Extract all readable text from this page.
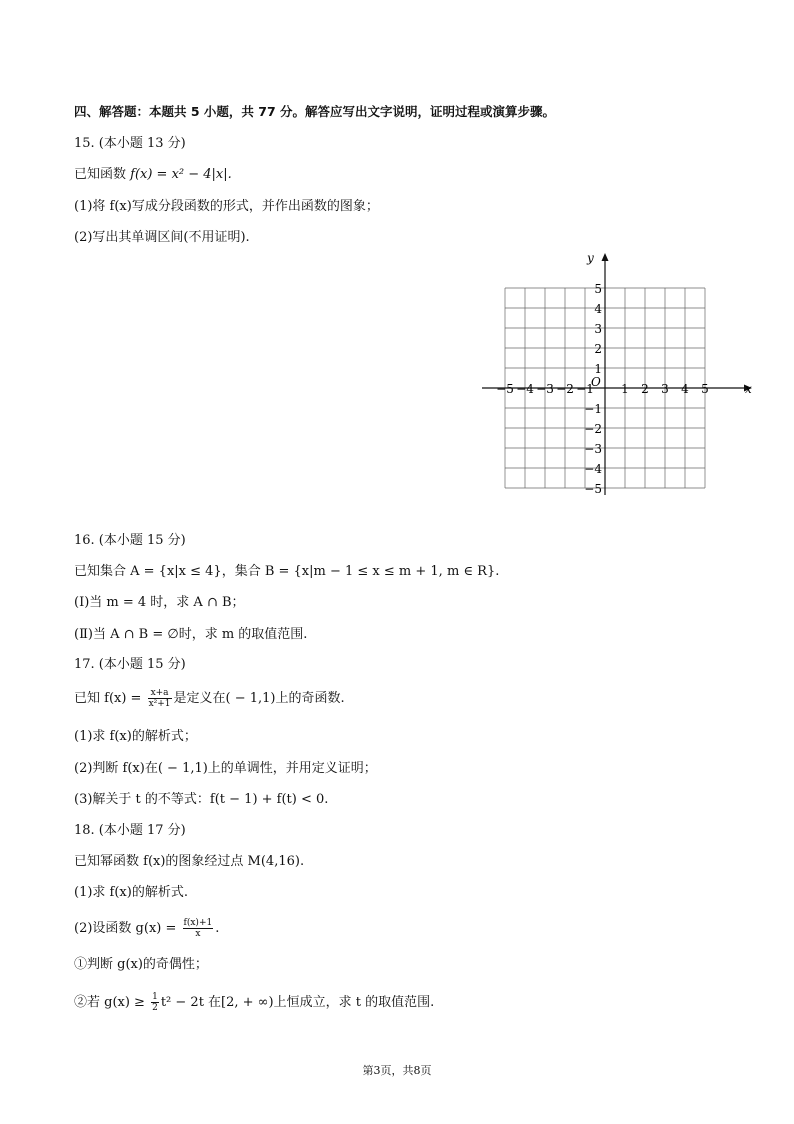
四、解答题：本题共 5 小题，共 77 分。解答应写出文字说明，证明过程或演算步骤。
15. (本小题 13 分)
已知函数 f(x) = x² − 4|x|.
(1)将 f(x)写成分段函数的形式，并作出函数的图象；
(2)写出其单调区间(不用证明).
x
y
O
−5 −4 −3 −2 −1 1 2 3 4 5
5
4
3
2
1
−1
−2
−3
−4
−5
16. (本小题 15 分)
已知集合 A = {x|x ≤ 4}，集合 B = {x|m − 1 ≤ x ≤ m + 1, m ∈ R}.
(Ⅰ)当 m = 4 时，求 A ∩ B；
(Ⅱ)当 A ∩ B = ∅时，求 m 的取值范围.
17. (本小题 15 分)
已知 $f(x) = \frac{x+a}{\text{x²+1}}$ 是定义在( − 1,1)上的奇函数.
(1)求 f(x)的解析式；
(2)判断 f(x)在( − 1,1)上的单调性，并用定义证明；
(3)解关于 t 的不等式：f(t − 1) + f(t) < 0.
18. (本小题 17 分)
已知幂函数 f(x)的图象经过点 M(4,16).
(1)求 f(x)的解析式.
(2)设函数 $g(x) = \frac{f(x)+1}{x}$ .
①判断 g(x)的奇偶性；
②若 $g(x) \ge \frac{1}{2} t^2 - 2t$ 在[2, + ∞)上恒成立，求 t 的取值范围.
第3页，共8页
